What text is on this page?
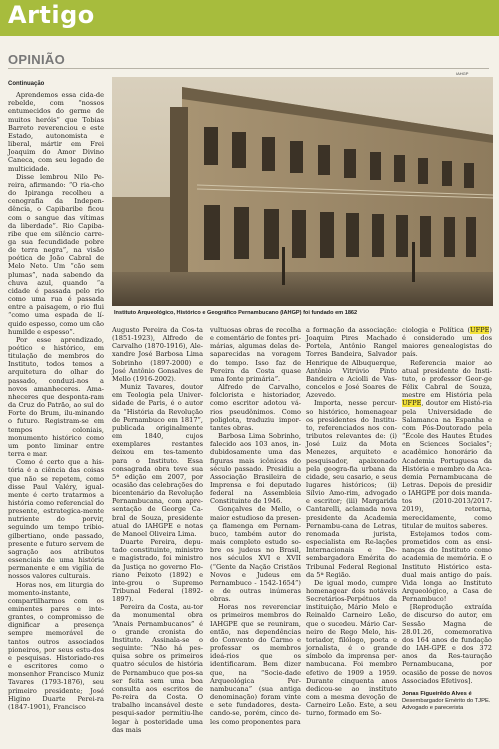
Artigo
OPINIÃO
IAHGP
Instituto Arqueológico, Histórico e Geográfico Pernambucano (IAHGP) foi fundado em 1862

Continuação

Aprendemos essa cida-de rebelde, com “nossos entumecidos do germe de muitos heróis” que Tobias Barreto reverenciou e este Estado, autonomista e liberal, mártir em Frei Joaquim do Amor Divino Caneca, com seu legado de multicidade.

Disse lembrou Nilo Pe-reira, afirmando: “O ria-cho do Ipiranga recolheu a cenografia da Indepen-dência, o Capibaribe ficou com o sangue das vítimas da liberdade”. Rio Capiba-ribe que em silêncio carre-ga sua fecundidade pobre de terra negra”, na visão poética de João Cabral de Melo Neto. Um “cão sem plumas”, nada sabendo da chuva azul, quando “a cidade é passada pelo rio como uma rua é passada entre a paisagem, o rio flui “como uma espada de lí-quido espesso, como um cão humilde e espesso”.

Por esse aprendizado, poético e histórico, em titulação de membros do Instituto, todos temos a arquitetura do olhar do passado, conduzi-nos a novos amanheceres. Ama-nheceres que desponta-ram da Cruz do Patrão, ao sul do Forte do Brum, ilu-minando o futuro. Registram-se em tempos coloniais, monumento histórico como um ponto liminar entre terra e mar.

Como é certo que a his-tória é a ciência das coisas que não se repetem, como disse Paul Valéry, igual-mente é certo tratarmos a história como referencial do presente, estrategica-mente nutriente do porvir, seguindo um tempo tribio-gilbertiano, onde passado, presente e futuro servem de sagração aos atributos essenciais de uma história permanente e em vigília de nossos valores culturais.

Horas nos, em liturgia do momento-instante, compartilharmos com os eminentes pares e inte-grantes, o compromisso de dignificar a presença sempre memorável de tantos outros associados pioneiros, por seus estu-dos e pesquisas. Historiado-res e escritores como o monsenhor Francisco Muniz Tavares (1793-1876), seu primeiro presidente; José Higino Duarte Perei-ra (1847-1901), Francisco

Augusto Pereira da Cos-ta (1851-1923), Alfredo de Carvalho (1870-1916), Ale-xandre José Barbosa Lima Sobrinho (1897-2000) e José Antônio Gonsalves de Mello (1916-2002).

Muniz Tavares, doutor em Teologia pela Univer-sidade de Paris, é o autor da “História da Revolução de Pernambuco em 1817”, publicada originalmente em 1840, cujos exemplares restantes deixou em tes-tamento para o Instituto. Essa consagrada obra teve sua 5ª edição em 2007, por ocasião das celebrações do bicentenário da Revolução Pernambucana, com apre-sentação de George Ca-bral de Souza, presidente atual do IAHGPE e notas de Manoel Oliveira Lima.

Duarte Pereira, depu-tado constituinte, ministro e magistrado, foi ministro da Justiça no governo Flo-riano Peixoto (1892) e inte-grou o Supremo Tribunal Federal (1892-1897).

Pereira da Costa, au-tor da monumental obra “Anais Pernambucanos” é o grande cronista do Instituto. Assinala-se o seguinte: “Não há pes-quisa sobre os primeiros quatro séculos de história de Pernambuco que pos-sa ser feita sem uma boa consulta aos escritos de Pe-reira da Costa. O trabalho incansável deste pesqui-sador permitiu-lhe legar à posteridade uma das mais

vultuosas obras de recolha e comentário de fontes pri-márias, algumas delas de-saparecidas na voragem do tempo. Isso faz de Pereira da Costa quase uma fonte primária”.

Alfredo de Carvalho, folclorista e historiador, como escritor adotou vá-rios pseudônimos. Como poliglota, traduziu impor-tantes obras.

Barbosa Lima Sobrinho, falecido aos 103 anos, in-dubidosamente uma das figuras mais icônicas do século passado. Presidiu a Associação Brasileira de Imprensa e foi deputado federal na Assembleia Constituinte de 1946.

Gonçalves de Mello, o maior estudioso da presen-ça flamenga em Pernam-buco, também autor do mais completo estudo so-bre os judeus no Brasil, nos séculos XVI e XVII (“Gente da Nação Cristãos Novos e Judeus em Pernambuco - 1542-1654”) e de outras inúmeras obras.

Horas nos reverenciar os primeiros membros do IAHGPE que se reuniram, então, nas dependências do Convento do Carmo e professar os membros ideá-rios que os identificaram. Bem dizer que, na “Socie-dade Arqueológica Per-nambucana” (sua antiga denominação) foram vinte e sete fundadores, desta-cando-se, porém, cinco de-les como proponentes para

a formação da associação: Joaquim Pires Machado Portela, Antônio Rangel Torres Bandeira, Salvador Henrique de Albuquerque, Antônio Vitrúvio Pinto Bandeira e Aciolli de Vas-concelos e José Soares de Azevedo.

Importa, nesse percur-so histórico, homenagear os presidentes do Institu-to, referenciados nos con-tributos relevantes de: (i) José Luiz da Mota Menezes, arquiteto e pesquisador, apaixonado pela geogra-fia urbana da cidade, seu casario, e seus lugares históricos; (ii) Sílvio Amo-rim, advogado e escritor; (iii) Margarida Cantarelli, aclamada nova presidente da Academia Pernambu-cana de Letras, renomada jurista, especialista em Re-lações Internacionais e De-sembargadora Emérita do Tribunal Federal Regional da 5ª Região.

De igual modo, cumpre homenagear dois notáveis Secretários-Perpétuos da instituição, Mário Melo e Reinaldo Carneiro Leão, que o sucedeu. Mário Car-neiro de Rego Melo, his-toriador, filólogo, poeta e jornalista, é o grande símbolo da imprensa per-nambucana. Foi membro efetivo de 1909 a 1959. Durante cinquenta anos dedicou-se ao instituto com a mesma devoção de Carneiro Leão. Este, a seu turno, formado em So-

ciologia e Política (UFPE) é considerado um dos maiores genealogistas do país.

Referencia maior ao atual presidente do Insti-tuto, o professor Geor-ge Félix Cabral de Souza, mestre em História pela UFPE, doutor em Histó-ria pela Universidade de Salamanca na Espanha e com Pós-Doutorado pela “École des Hautes Études en Sciences Sociales”; acadêmico honorário da Academia Portuguesa da História e membro da Aca-demia Pernambucana de Letras. Depois de presidir o IAHGPE por dois manda-tos (2010-2013/2017-2019), retorna, merecidamente, como titular de muitos saberes.

Estejamos todos com-prometidos com as ensi-nanças do Instituto como academia de memória. E o Instituto Histórico esta-dual mais antigo do país. Vida longa ao Instituto Arqueológico, a Casa de Pernambuco!

[Reprodução extraída de discurso do autor, em Sessão Magna de 28.01.26, comemorativa dos 164 anos de fundação do IAH-GPE e dos 372 anos da Res-tauração Pernambucana, por ocasião de posse de novos Associados Efetivos].

Jonas Figueirêdo Alves é
Desembargador Emérito do TJPE. Advogado e parecerista
